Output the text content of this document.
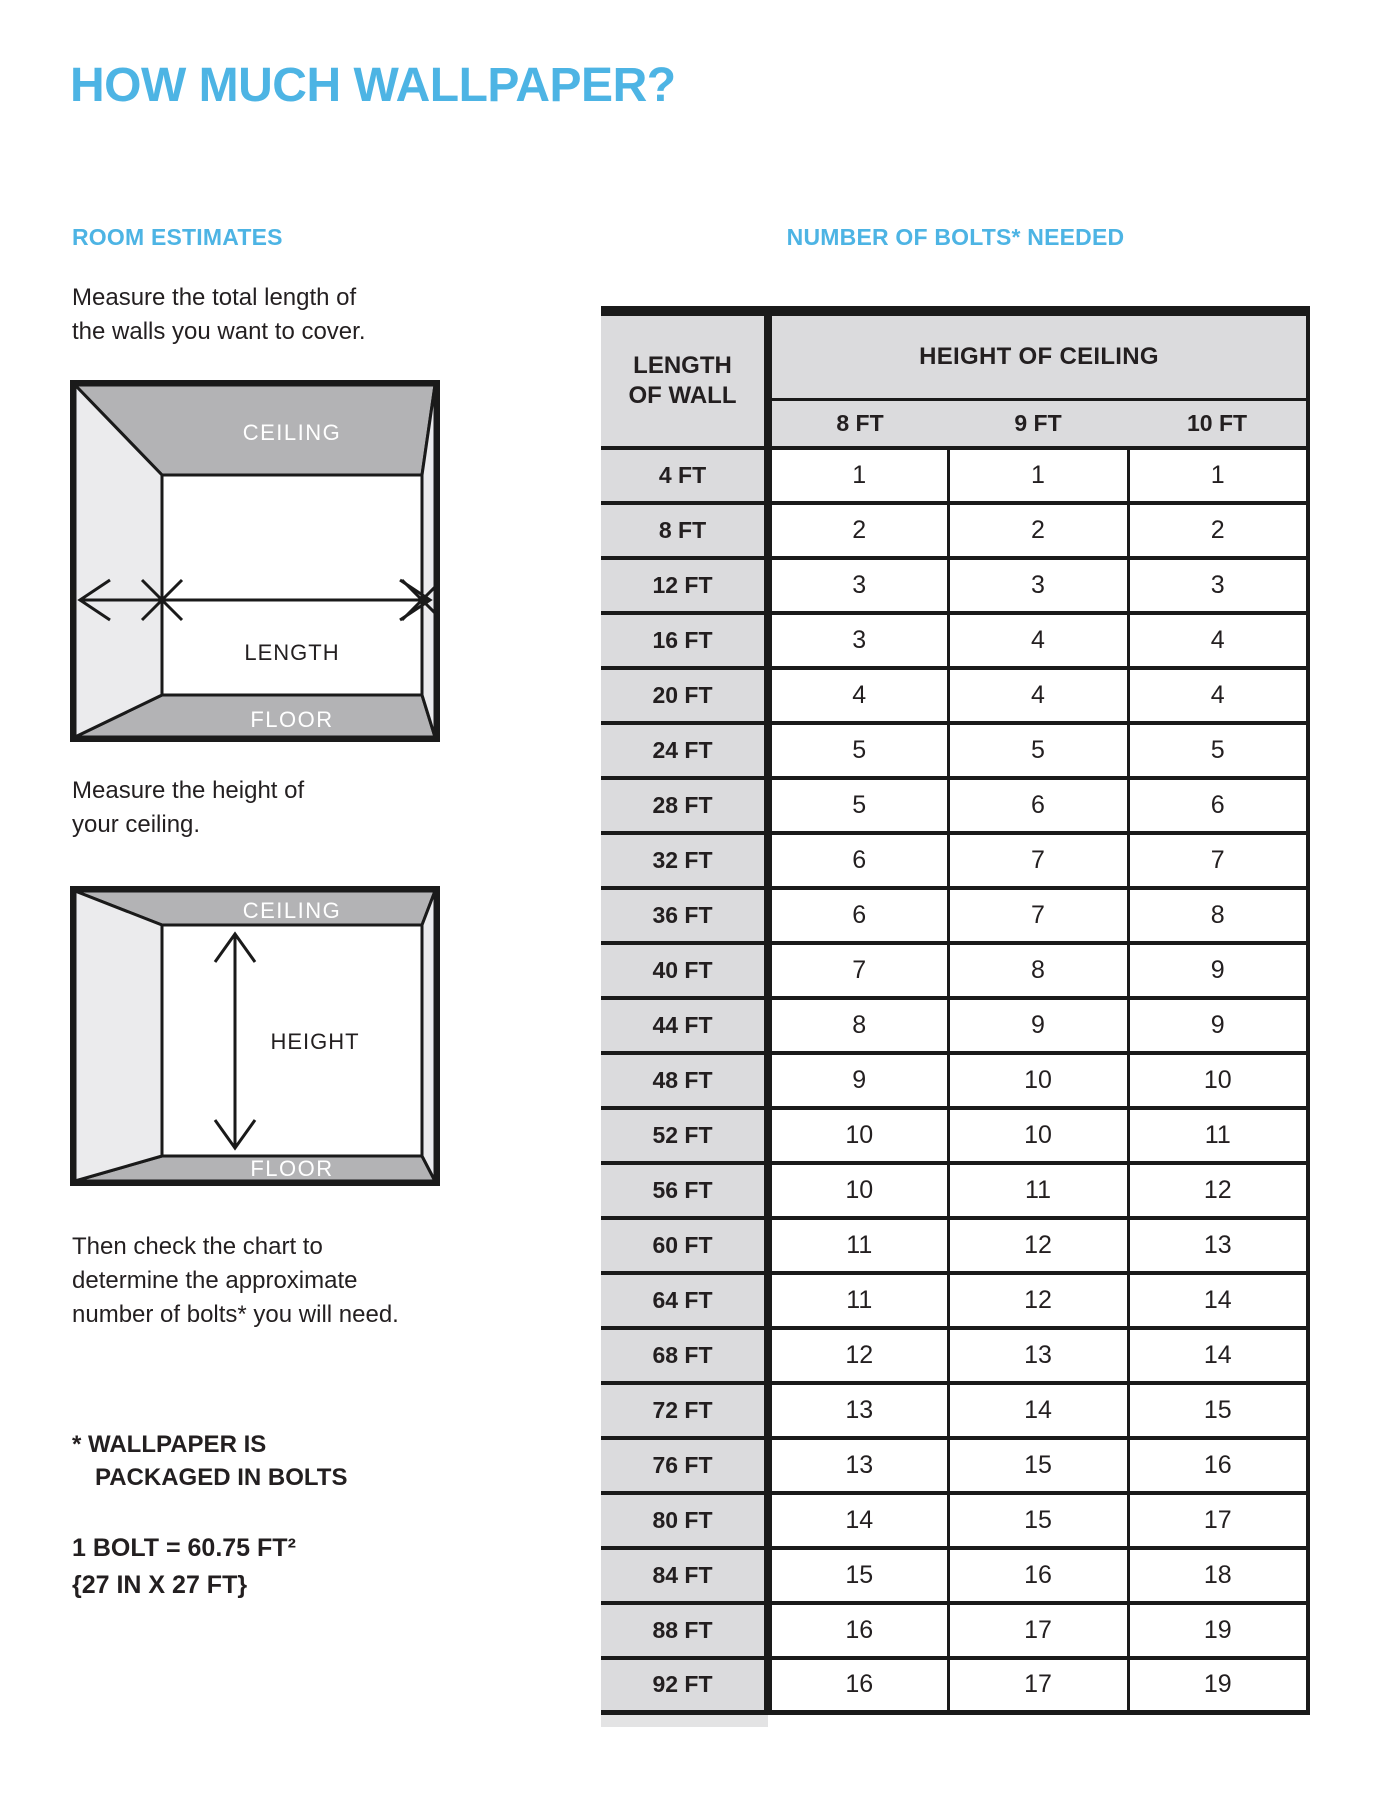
HOW MUCH WALLPAPER?
ROOM ESTIMATES
Measure the total length of
the walls you want to cover.
CEILING
LENGTH
FLOOR
Measure the height of
your ceiling.
CEILING
HEIGHT
FLOOR
Then check the chart to
determine the approximate
number of bolts* you will need.
* WALLPAPER IS
PACKAGED IN BOLTS
1 BOLT = 60.75 FT²
{27 IN X 27 FT}
NUMBER OF BOLTS* NEEDED
LENGTH
OF WALL	HEIGHT OF CEILING		
	8 FT	9 FT	10 FT
4 FT	1	1	1
8 FT	2	2	2
12 FT	3	3	3
16 FT	3	4	4
20 FT	4	4	4
24 FT	5	5	5
28 FT	5	6	6
32 FT	6	7	7
36 FT	6	7	8
40 FT	7	8	9
44 FT	8	9	9
48 FT	9	10	10
52 FT	10	10	11
56 FT	10	11	12
60 FT	11	12	13
64 FT	11	12	14
68 FT	12	13	14
72 FT	13	14	15
76 FT	13	15	16
80 FT	14	15	17
84 FT	15	16	18
88 FT	16	17	19
92 FT	16	17	19
